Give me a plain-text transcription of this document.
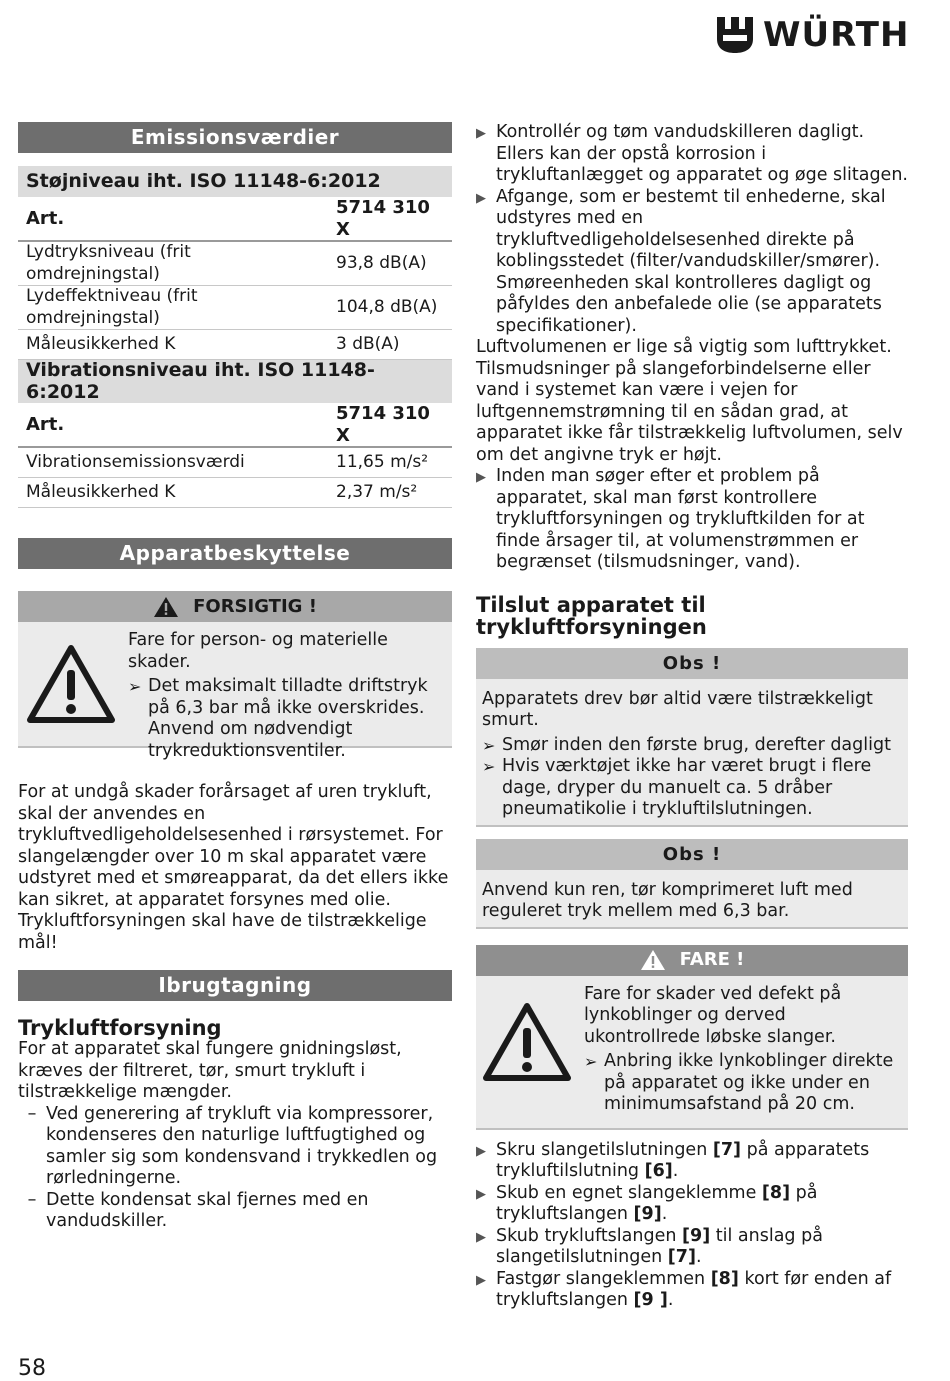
WÜRTH
Emissionsværdier
Støjniveau iht. ISO 11148-6:2012	
Art.	5714 310 X
Lydtryksniveau (frit omdrejningstal)	93,8 dB(A)
Lydeffektniveau (frit omdrejningstal)	104,8 dB(A)
Måleusikkerhed K	3 dB(A)
Vibrationsniveau iht. ISO 11148-6:2012	
Art.	5714 310 X
Vibrationsemissionsværdi	11,65 m/s²
Måleusikkerhed K	2,37 m/s²
Apparatbeskyttelse
FORSIGTIG !
Fare for person- og materielle skader.
➢ Det maksimalt tilladte driftstryk på 6,3 bar må ikke overskrides. Anvend om nødvendigt trykreduktionsventiler.
For at undgå skader forårsaget af uren trykluft, skal der anvendes en trykluftvedligeholdelsesenhed i rørsystemet. For slangelængder over 10 m skal apparatet være udstyret med et smøreapparat, da det ellers ikke kan sikret, at apparatet forsynes med olie. Trykluftforsyningen skal have de tilstrækkelige mål!
Ibrugtagning
Trykluftforsyning
For at apparatet skal fungere gnidningsløst, kræves der filtreret, tør, smurt trykluft i tilstrækkelige mængder.
– Ved generering af trykluft via kompressorer, kondenseres den naturlige luftfugtighed og samler sig som kondensvand i trykkedlen og rørledningerne.
– Dette kondensat skal fjernes med en vandudskiller.
▶ Kontrollér og tøm vandudskilleren dagligt. Ellers kan der opstå korrosion i trykluftanlægget og apparatet og øge slitagen.
▶ Afgange, som er bestemt til enhederne, skal udstyres med en trykluftvedligeholdelsesenhed direkte på koblingsstedet (filter/vandudskiller/smører). Smøreenheden skal kontrolleres dagligt og påfyldes den anbefalede olie (se apparatets specifikationer).
Luftvolumenen er lige så vigtig som lufttrykket. Tilsmudsninger på slangeforbindelserne eller vand i systemet kan være i vejen for luftgennemstrømning til en sådan grad, at apparatet ikke får tilstrækkelig luftvolumen, selv om det angivne tryk er højt.
▶ Inden man søger efter et problem på apparatet, skal man først kontrollere trykluftforsyningen og trykluftkilden for at finde årsager til, at volumenstrømmen er begrænset (tilsmudsninger, vand).
Tilslut apparatet til trykluftforsyningen
Obs !
Apparatets drev bør altid være tilstrækkeligt smurt.
➢ Smør inden den første brug, derefter dagligt
➢ Hvis værktøjet ikke har været brugt i flere dage, dryper du manuelt ca. 5 dråber pneumatikolie i trykluftilslutningen.
Obs !
Anvend kun ren, tør komprimeret luft med reguleret tryk mellem med 6,3 bar.
FARE !
Fare for skader ved defekt på lynkoblinger og derved ukontrollrede løbske slanger.
➢ Anbring ikke lynkoblinger direkte på apparatet og ikke under en minimumsafstand på 20 cm.
▶ Skru slangetilslutningen [7] på apparatets trykluftilslutning [6].
▶ Skub en egnet slangeklemme [8] på trykluftslangen [9].
▶ Skub trykluftslangen [9] til anslag på slangetilslutningen [7].
▶ Fastgør slangeklemmen [8] kort før enden af trykluftslangen [9 ].
58
